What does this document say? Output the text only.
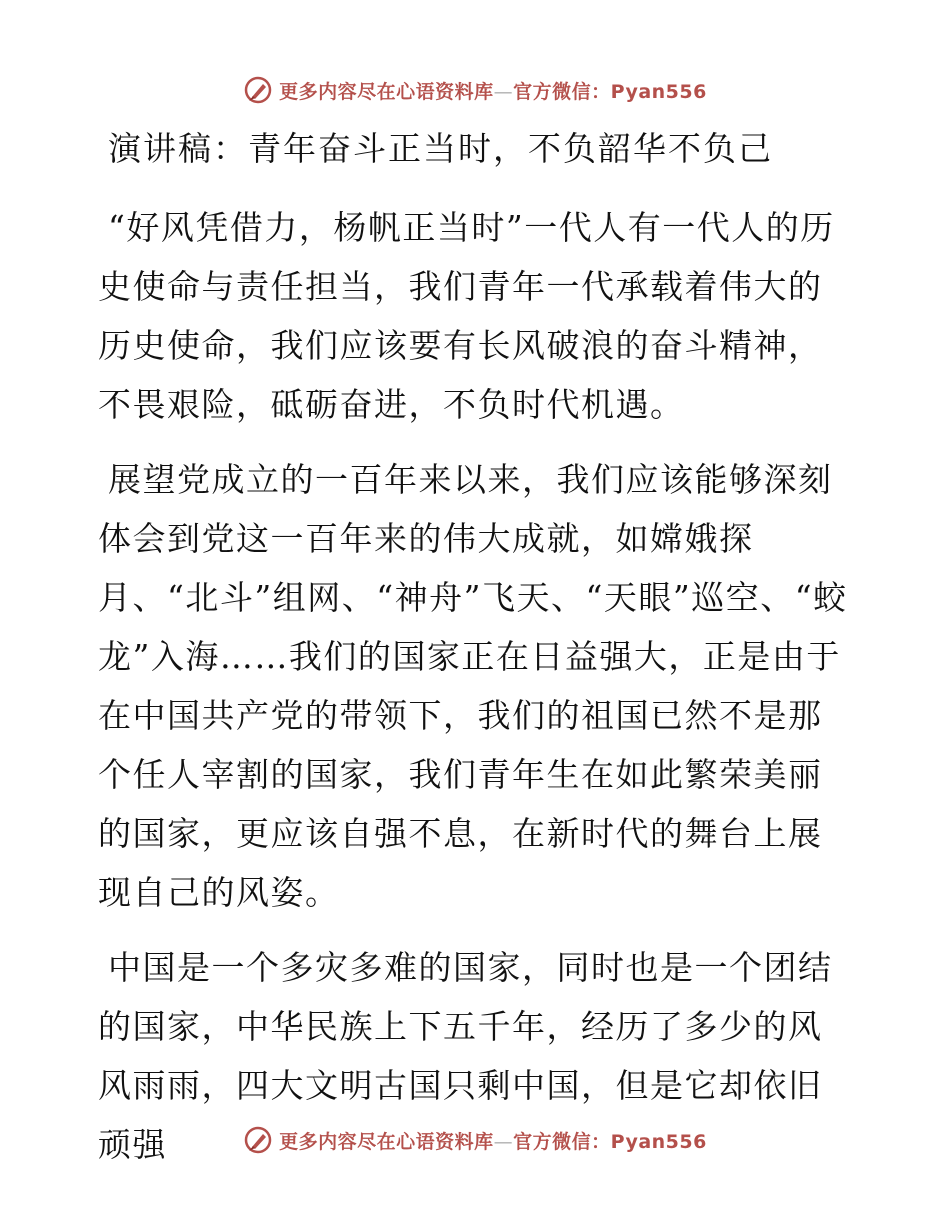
更多内容尽在心语资料库—官方微信：Pyan556
演讲稿：青年奋斗正当时，不负韶华不负己

“好风凭借力，杨帆正当时”一代人有一代人的历史使命与责任担当，我们青年一代承载着伟大的历史使命，我们应该要有长风破浪的奋斗精神，不畏艰险，砥砺奋进，不负时代机遇。

展望党成立的一百年来以来，我们应该能够深刻体会到党这一百年来的伟大成就，如嫦娥探月、“北斗”组网、“神舟”飞天、“天眼”巡空、“蛟龙”入海……我们的国家正在日益强大，正是由于在中国共产党的带领下，我们的祖国已然不是那个任人宰割的国家，我们青年生在如此繁荣美丽的国家，更应该自强不息，在新时代的舞台上展现自己的风姿。

中国是一个多灾多难的国家，同时也是一个团结的国家，中华民族上下五千年，经历了多少的风风雨雨，四大文明古国只剩中国，但是它却依旧顽强	更多内容尽在心语资料库—官方微信：Pyan556
